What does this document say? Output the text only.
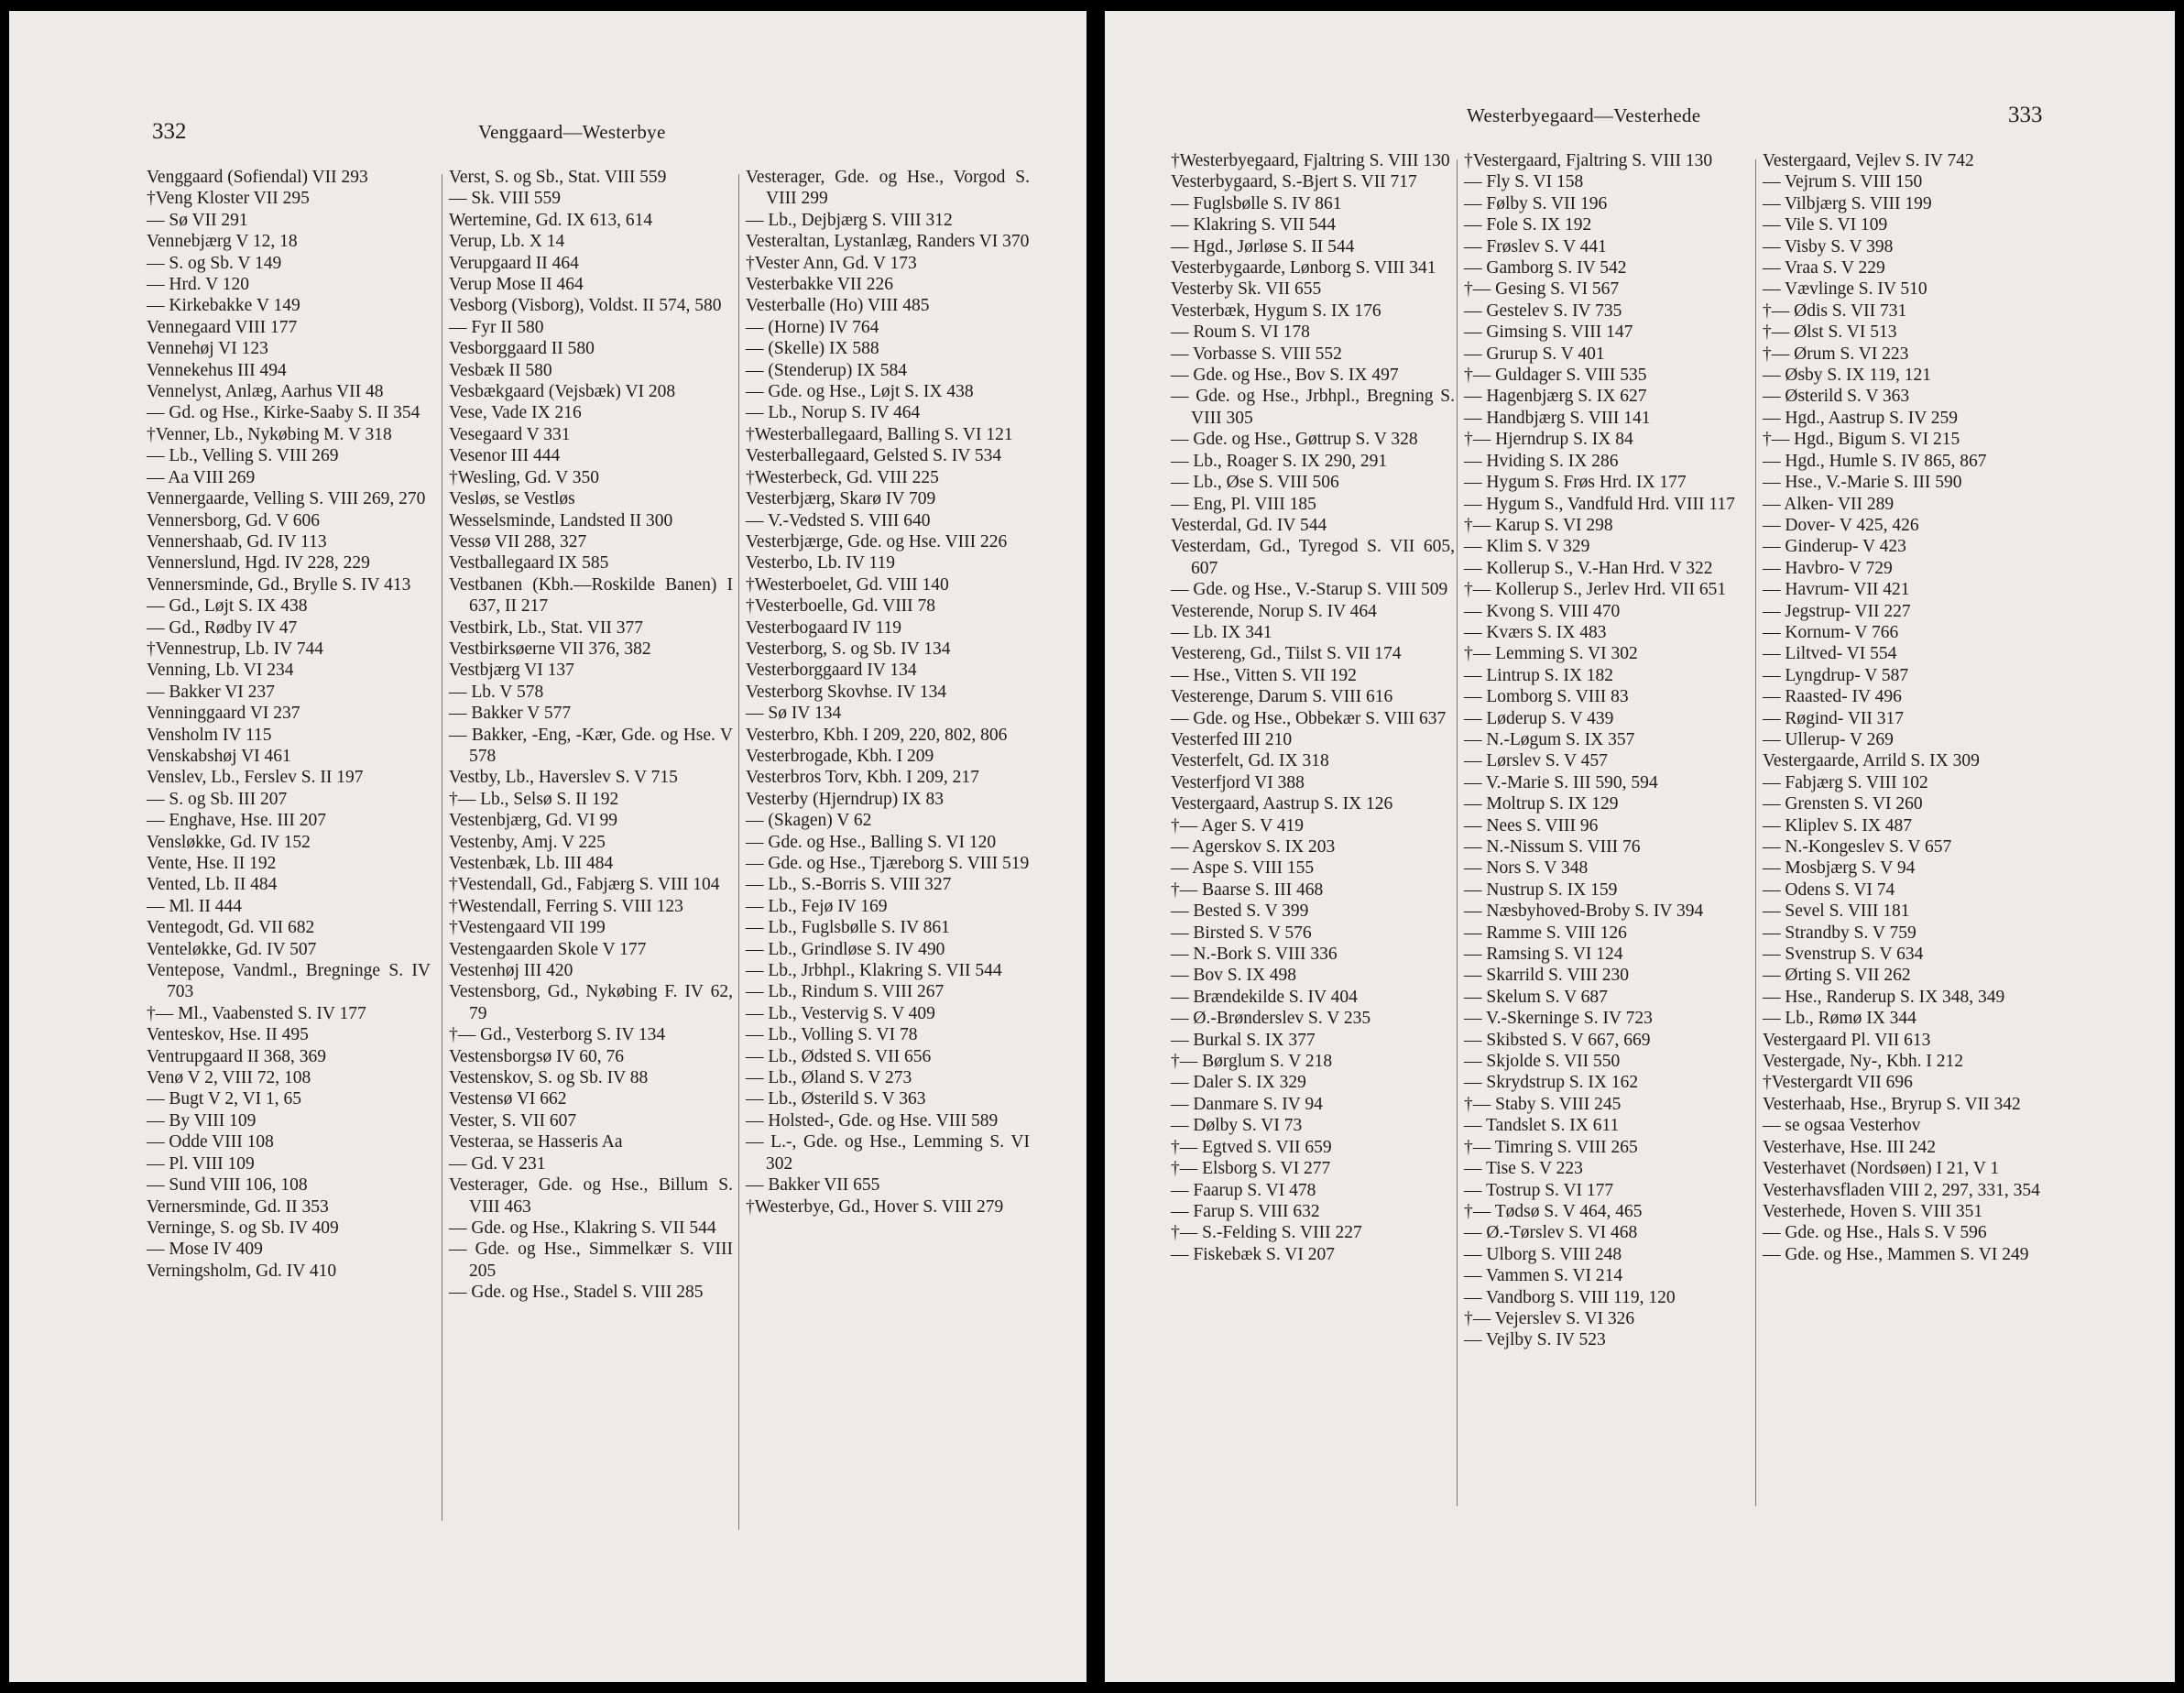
332	Venggaard—Westerbye
Venggaard (Sofiendal) VII 293
†Veng Kloster VII 295
— Sø VII 291
Vennebjærg V 12, 18
— S. og Sb. V 149
— Hrd. V 120
— Kirkebakke V 149
Vennegaard VIII 177
Vennehøj VI 123
Vennekehus III 494
Vennelyst, Anlæg, Aarhus VII 48
— Gd. og Hse., Kirke-Saaby S. II 354
†Venner, Lb., Nykøbing M. V 318
— Lb., Velling S. VIII 269
— Aa VIII 269
Vennergaarde, Velling S. VIII 269, 270
Vennersborg, Gd. V 606
Vennershaab, Gd. IV 113
Vennerslund, Hgd. IV 228, 229
Vennersminde, Gd., Brylle S. IV 413
— Gd., Løjt S. IX 438
— Gd., Rødby IV 47
†Vennestrup, Lb. IV 744
Venning, Lb. VI 234
— Bakker VI 237
Venninggaard VI 237
Vensholm IV 115
Venskabshøj VI 461
Venslev, Lb., Ferslev S. II 197
— S. og Sb. III 207
— Enghave, Hse. III 207
Vensløkke, Gd. IV 152
Vente, Hse. II 192
Vented, Lb. II 484
— Ml. II 444
Ventegodt, Gd. VII 682
Venteløkke, Gd. IV 507
Ventepose, Vandml., Bregninge S. IV 703
†— Ml., Vaabensted S. IV 177
Venteskov, Hse. II 495
Ventrupgaard II 368, 369
Venø V 2, VIII 72, 108
— Bugt V 2, VI 1, 65
— By VIII 109
— Odde VIII 108
— Pl. VIII 109
— Sund VIII 106, 108
Vernersminde, Gd. II 353
Verninge, S. og Sb. IV 409
— Mose IV 409
Verningsholm, Gd. IV 410
Verst, S. og Sb., Stat. VIII 559
— Sk. VIII 559
Wertemine, Gd. IX 613, 614
Verup, Lb. X 14
Verupgaard II 464
Verup Mose II 464
Vesborg (Visborg), Voldst. II 574, 580
— Fyr II 580
Vesborggaard II 580
Vesbæk II 580
Vesbækgaard (Vejsbæk) VI 208
Vese, Vade IX 216
Vesegaard V 331
Vesenor III 444
†Wesling, Gd. V 350
Vesløs, se Vestløs
Wesselsminde, Landsted II 300
Vessø VII 288, 327
Vestballegaard IX 585
Vestbanen (Kbh.—Roskilde Banen) I 637, II 217
Vestbirk, Lb., Stat. VII 377
Vestbirksøerne VII 376, 382
Vestbjærg VI 137
— Lb. V 578
— Bakker V 577
— Bakker, -Eng, -Kær, Gde. og Hse. V 578
Vestby, Lb., Haverslev S. V 715
†— Lb., Selsø S. II 192
Vestenbjærg, Gd. VI 99
Vestenby, Amj. V 225
Vestenbæk, Lb. III 484
†Vestendall, Gd., Fabjærg S. VIII 104
†Westendall, Ferring S. VIII 123
†Vestengaard VII 199
Vestengaarden Skole V 177
Vestenhøj III 420
Vestensborg, Gd., Nykøbing F. IV 62, 79
†— Gd., Vesterborg S. IV 134
Vestensborgsø IV 60, 76
Vestenskov, S. og Sb. IV 88
Vestensø VI 662
Vester, S. VII 607
Vesteraa, se Hasseris Aa
— Gd. V 231
Vesterager, Gde. og Hse., Billum S. VIII 463
— Gde. og Hse., Klakring S. VII 544
— Gde. og Hse., Simmelkær S. VIII 205
— Gde. og Hse., Stadel S. VIII 285
Vesterager, Gde. og Hse., Vorgod S. VIII 299
— Lb., Dejbjærg S. VIII 312
Vesteraltan, Lystanlæg, Randers VI 370
†Vester Ann, Gd. V 173
Vesterbakke VII 226
Vesterballe (Ho) VIII 485
— (Horne) IV 764
— (Skelle) IX 588
— (Stenderup) IX 584
— Gde. og Hse., Løjt S. IX 438
— Lb., Norup S. IV 464
†Westerballegaard, Balling S. VI 121
Vesterballegaard, Gelsted S. IV 534
†Westerbeck, Gd. VIII 225
Vesterbjærg, Skarø IV 709
— V.-Vedsted S. VIII 640
Vesterbjærge, Gde. og Hse. VIII 226
Vesterbo, Lb. IV 119
†Westerboelet, Gd. VIII 140
†Vesterboelle, Gd. VIII 78
Vesterbogaard IV 119
Vesterborg, S. og Sb. IV 134
Vesterborggaard IV 134
Vesterborg Skovhse. IV 134
— Sø IV 134
Vesterbro, Kbh. I 209, 220, 802, 806
Vesterbrogade, Kbh. I 209
Vesterbros Torv, Kbh. I 209, 217
Vesterby (Hjerndrup) IX 83
— (Skagen) V 62
— Gde. og Hse., Balling S. VI 120
— Gde. og Hse., Tjæreborg S. VIII 519
— Lb., S.-Borris S. VIII 327
— Lb., Fejø IV 169
— Lb., Fuglsbølle S. IV 861
— Lb., Grindløse S. IV 490
— Lb., Jrbhpl., Klakring S. VII 544
— Lb., Rindum S. VIII 267
— Lb., Vestervig S. V 409
— Lb., Volling S. VI 78
— Lb., Ødsted S. VII 656
— Lb., Øland S. V 273
— Lb., Østerild S. V 363
— Holsted-, Gde. og Hse. VIII 589
— L.-, Gde. og Hse., Lemming S. VI 302
— Bakker VII 655
†Westerbye, Gd., Hover S. VIII 279
Westerbyegaard—Vesterhede	333
†Westerbyegaard, Fjaltring S. VIII 130
Vesterbygaard, S.-Bjert S. VII 717
— Fuglsbølle S. IV 861
— Klakring S. VII 544
— Hgd., Jørløse S. II 544
Vesterbygaarde, Lønborg S. VIII 341
Vesterby Sk. VII 655
Vesterbæk, Hygum S. IX 176
— Roum S. VI 178
— Vorbasse S. VIII 552
— Gde. og Hse., Bov S. IX 497
— Gde. og Hse., Jrbhpl., Bregning S. VIII 305
— Gde. og Hse., Gøttrup S. V 328
— Lb., Roager S. IX 290, 291
— Lb., Øse S. VIII 506
— Eng, Pl. VIII 185
Vesterdal, Gd. IV 544
Vesterdam, Gd., Tyregod S. VII 605, 607
— Gde. og Hse., V.-Starup S. VIII 509
Vesterende, Norup S. IV 464
— Lb. IX 341
Vestereng, Gd., Tiilst S. VII 174
— Hse., Vitten S. VII 192
Vesterenge, Darum S. VIII 616
— Gde. og Hse., Obbekær S. VIII 637
Vesterfed III 210
Vesterfelt, Gd. IX 318
Vesterfjord VI 388
Vestergaard, Aastrup S. IX 126
†— Ager S. V 419
— Agerskov S. IX 203
— Aspe S. VIII 155
†— Baarse S. III 468
— Bested S. V 399
— Birsted S. V 576
— N.-Bork S. VIII 336
— Bov S. IX 498
— Brændekilde S. IV 404
— Ø.-Brønderslev S. V 235
— Burkal S. IX 377
†— Børglum S. V 218
— Daler S. IX 329
— Danmare S. IV 94
— Dølby S. VI 73
†— Egtved S. VII 659
†— Elsborg S. VI 277
— Faarup S. VI 478
— Farup S. VIII 632
†— S.-Felding S. VIII 227
— Fiskebæk S. VI 207
†Vestergaard, Fjaltring S. VIII 130
— Fly S. VI 158
— Følby S. VII 196
— Fole S. IX 192
— Frøslev S. V 441
— Gamborg S. IV 542
†— Gesing S. VI 567
— Gestelev S. IV 735
— Gimsing S. VIII 147
— Grurup S. V 401
†— Guldager S. VIII 535
— Hagenbjærg S. IX 627
— Handbjærg S. VIII 141
†— Hjerndrup S. IX 84
— Hviding S. IX 286
— Hygum S. Frøs Hrd. IX 177
— Hygum S., Vandfuld Hrd. VIII 117
†— Karup S. VI 298
— Klim S. V 329
— Kollerup S., V.-Han Hrd. V 322
†— Kollerup S., Jerlev Hrd. VII 651
— Kvong S. VIII 470
— Kværs S. IX 483
†— Lemming S. VI 302
— Lintrup S. IX 182
— Lomborg S. VIII 83
— Løderup S. V 439
— N.-Løgum S. IX 357
— Lørslev S. V 457
— V.-Marie S. III 590, 594
— Moltrup S. IX 129
— Nees S. VIII 96
— N.-Nissum S. VIII 76
— Nors S. V 348
— Nustrup S. IX 159
— Næsbyhoved-Broby S. IV 394
— Ramme S. VIII 126
— Ramsing S. VI 124
— Skarrild S. VIII 230
— Skelum S. V 687
— V.-Skerninge S. IV 723
— Skibsted S. V 667, 669
— Skjolde S. VII 550
— Skrydstrup S. IX 162
†— Staby S. VIII 245
— Tandslet S. IX 611
†— Timring S. VIII 265
— Tise S. V 223
— Tostrup S. VI 177
†— Tødsø S. V 464, 465
— Ø.-Tørslev S. VI 468
— Ulborg S. VIII 248
— Vammen S. VI 214
— Vandborg S. VIII 119, 120
†— Vejerslev S. VI 326
— Vejlby S. IV 523
Vestergaard, Vejlev S. IV 742
— Vejrum S. VIII 150
— Vilbjærg S. VIII 199
— Vile S. VI 109
— Visby S. V 398
— Vraa S. V 229
— Vævlinge S. IV 510
†— Ødis S. VII 731
†— Ølst S. VI 513
†— Ørum S. VI 223
— Øsby S. IX 119, 121
— Østerild S. V 363
— Hgd., Aastrup S. IV 259
†— Hgd., Bigum S. VI 215
— Hgd., Humle S. IV 865, 867
— Hse., V.-Marie S. III 590
— Alken- VII 289
— Dover- V 425, 426
— Ginderup- V 423
— Havbro- V 729
— Havrum- VII 421
— Jegstrup- VII 227
— Kornum- V 766
— Liltved- VI 554
— Lyngdrup- V 587
— Raasted- IV 496
— Røgind- VII 317
— Ullerup- V 269
Vestergaarde, Arrild S. IX 309
— Fabjærg S. VIII 102
— Grensten S. VI 260
— Kliplev S. IX 487
— N.-Kongeslev S. V 657
— Mosbjærg S. V 94
— Odens S. VI 74
— Sevel S. VIII 181
— Strandby S. V 759
— Svenstrup S. V 634
— Ørting S. VII 262
— Hse., Randerup S. IX 348, 349
— Lb., Rømø IX 344
Vestergaard Pl. VII 613
Vestergade, Ny-, Kbh. I 212
†Vestergardt VII 696
Vesterhaab, Hse., Bryrup S. VII 342
— se ogsaa Vesterhov
Vesterhave, Hse. III 242
Vesterhavet (Nordsøen) I 21, V 1
Vesterhavsfladen VIII 2, 297, 331, 354
Vesterhede, Hoven S. VIII 351
— Gde. og Hse., Hals S. V 596
— Gde. og Hse., Mammen S. VI 249
